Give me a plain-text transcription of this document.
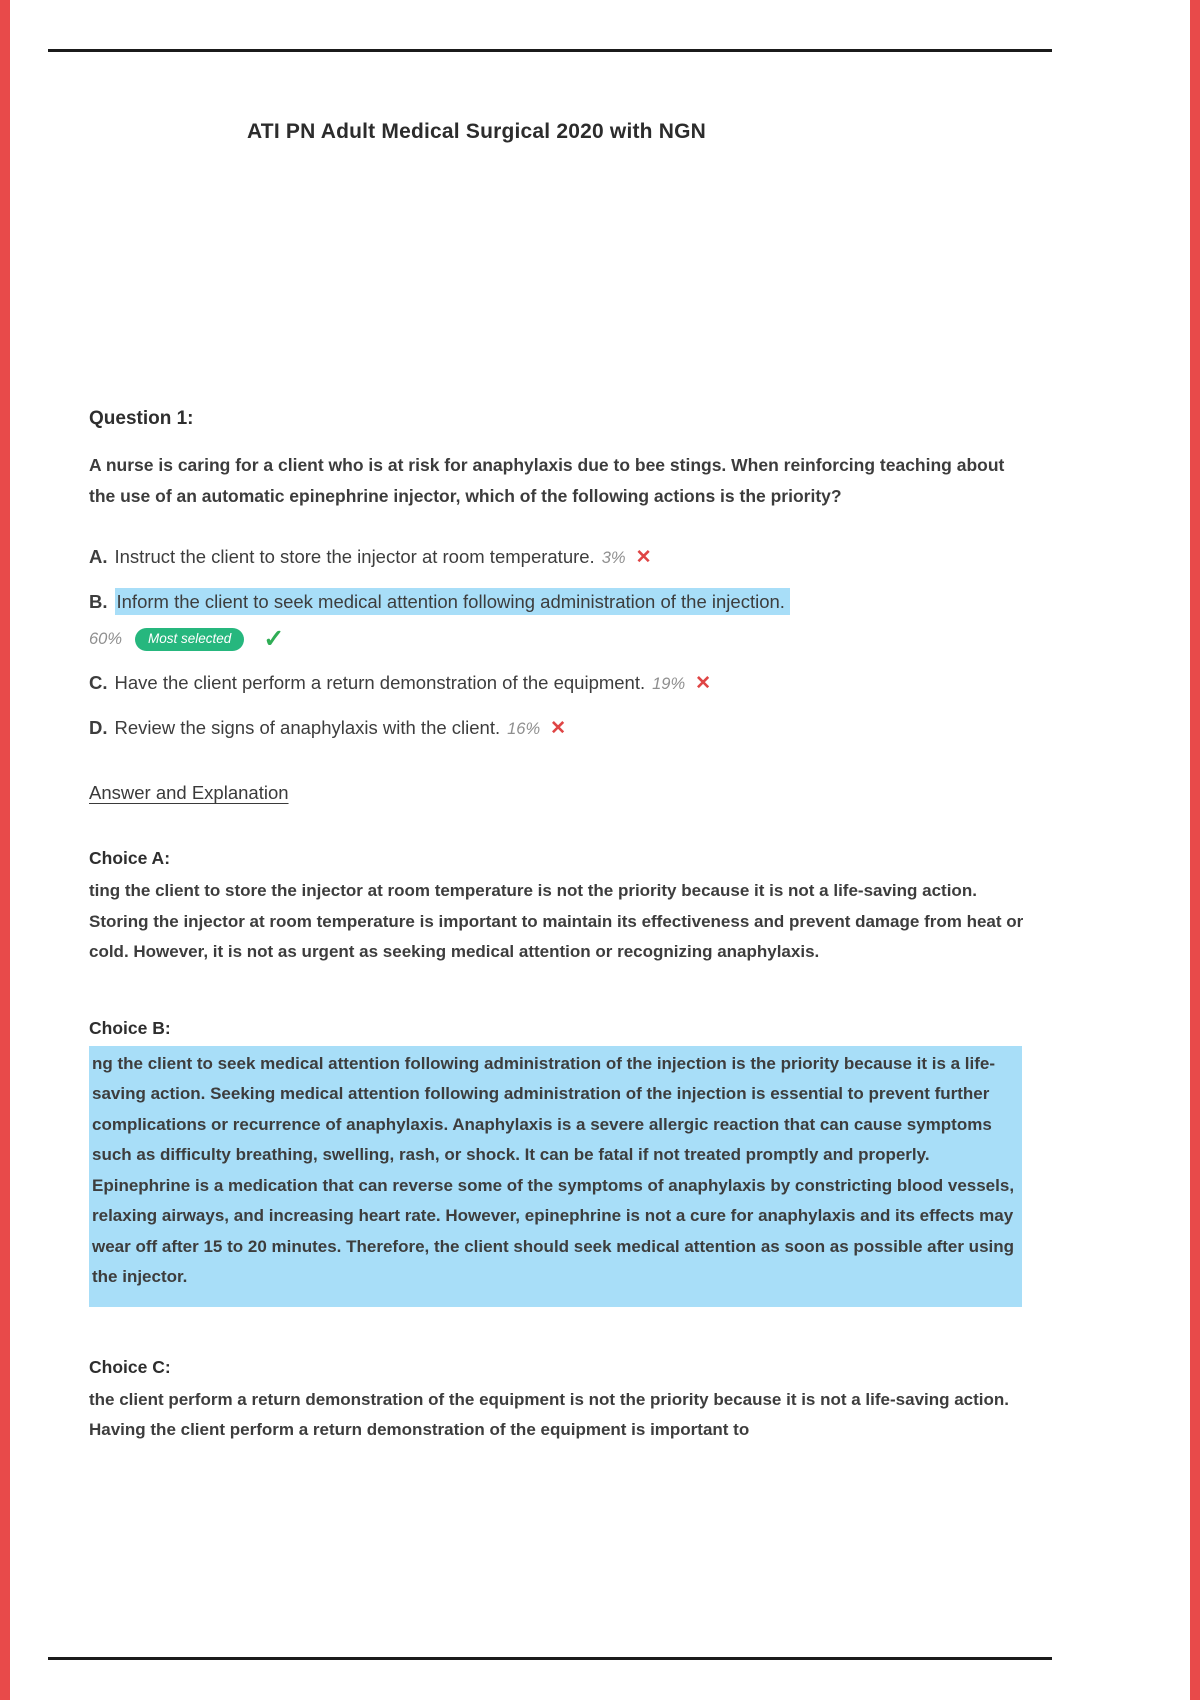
ATI PN Adult Medical Surgical 2020 with NGN
Question 1:

A nurse is caring for a client who is at risk for anaphylaxis due to bee stings. When reinforcing teaching about the use of an automatic epinephrine injector, which of the following actions is the priority?

A. Instruct the client to store the injector at room temperature. 3% ✕
B. Inform the client to seek medical attention following administration of the injection.
60%	Most selected	✓
C. Have the client perform a return demonstration of the equipment. 19% ✕
D. Review the signs of anaphylaxis with the client. 16% ✕
Answer and Explanation
Choice A:

ting the client to store the injector at room temperature is not the priority because it is not a life-saving action. Storing the injector at room temperature is important to maintain its effectiveness and prevent damage from heat or cold. However, it is not as urgent as seeking medical attention or recognizing anaphylaxis.

Choice B:

ng the client to seek medical attention following administration of the injection is the priority because it is a life-saving action. Seeking medical attention following administration of the injection is essential to prevent further complications or recurrence of anaphylaxis. Anaphylaxis is a severe allergic reaction that can cause symptoms such as difficulty breathing, swelling, rash, or shock. It can be fatal if not treated promptly and properly. Epinephrine is a medication that can reverse some of the symptoms of anaphylaxis by constricting blood vessels, relaxing airways, and increasing heart rate. However, epinephrine is not a cure for anaphylaxis and its effects may wear off after 15 to 20 minutes. Therefore, the client should seek medical attention as soon as possible after using the injector.

Choice C:

the client perform a return demonstration of the equipment is not the priority because it is not a life-saving action. Having the client perform a return demonstration of the equipment is important to
